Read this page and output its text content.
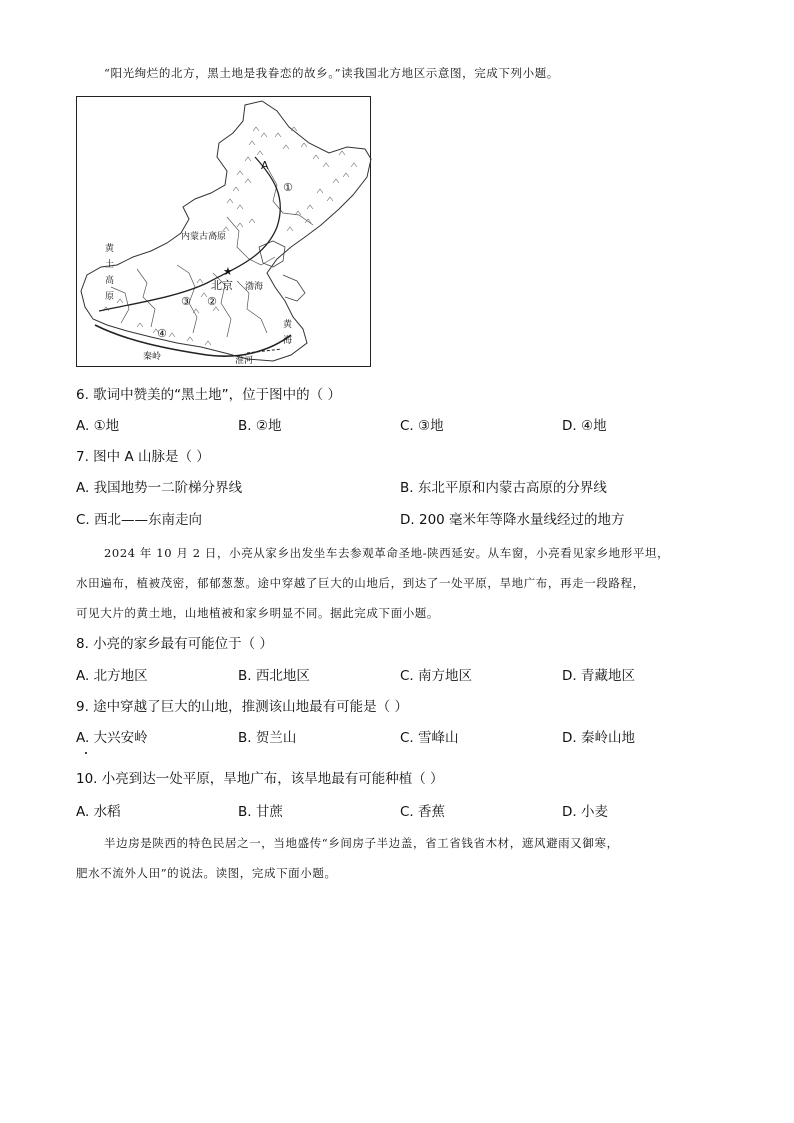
“阳光绚烂的北方，黑土地是我眷恋的故乡。”读我国北方地区示意图，完成下列小题。
★
A
①
②
③
④
内蒙古高原
黄
土
高
原
北京 渤海
黄
海
秦岭	淮河
6. 歌词中赞美的“黑土地”，位于图中的（ ）
A. ①地	B. ②地	C. ③地	D. ④地
7. 图中 A 山脉是（ ）
A. 我国地势一二阶梯分界线	B. 东北平原和内蒙古高原的分界线
C. 西北——东南走向	D. 200 毫米年等降水量线经过的地方
2024 年 10 月 2 日，小亮从家乡出发坐车去参观革命圣地-陕西延安。从车窗，小亮看见家乡地形平坦，
水田遍布，植被茂密，郁郁葱葱。途中穿越了巨大的山地后，到达了一处平原，旱地广布，再走一段路程，
可见大片的黄土地，山地植被和家乡明显不同。据此完成下面小题。
8. 小亮的家乡最有可能位于（ ）
A. 北方地区	B. 西北地区	C. 南方地区	D. 青藏地区
9. 途中穿越了巨大的山地，推测该山地最有可能是（ ）
A. 大兴安岭	B. 贺兰山	C. 雪峰山	D. 秦岭山地
10. 小亮到达一处平原，旱地广布，该旱地最有可能种植（ ）
A. 水稻	B. 甘蔗	C. 香蕉	D. 小麦
半边房是陕西的特色民居之一，当地盛传“乡间房子半边盖，省工省钱省木材，遮风避雨又御寒，
肥水不流外人田”的说法。读图，完成下面小题。
